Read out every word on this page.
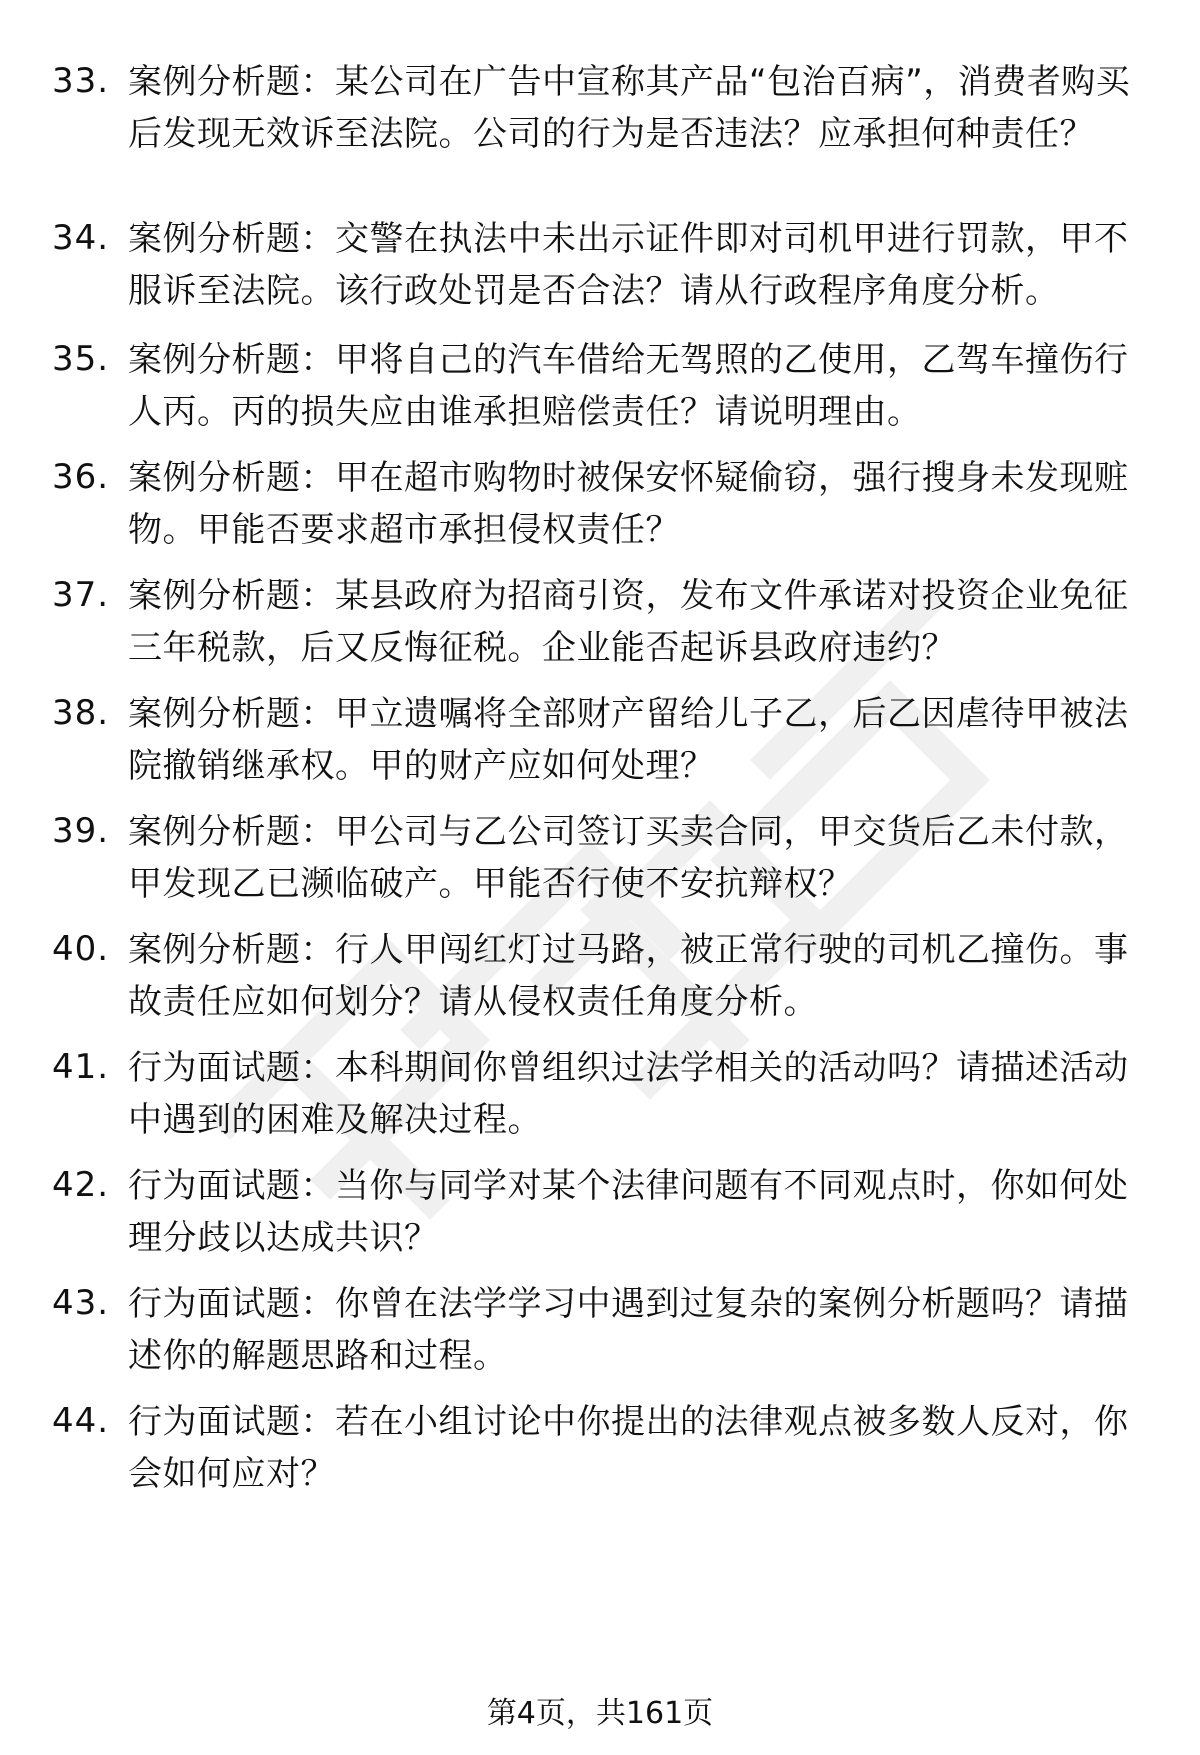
33. 案例分析题：某公司在广告中宣称其产品“包治百病”，消费者购买后发现无效诉至法院。公司的行为是否违法？应承担何种责任？
34. 案例分析题：交警在执法中未出示证件即对司机甲进行罚款，甲不服诉至法院。该行政处罚是否合法？请从行政程序角度分析。
35. 案例分析题：甲将自己的汽车借给无驾照的乙使用，乙驾车撞伤行人丙。丙的损失应由谁承担赔偿责任？请说明理由。
36. 案例分析题：甲在超市购物时被保安怀疑偷窃，强行搜身未发现赃物。甲能否要求超市承担侵权责任？
37. 案例分析题：某县政府为招商引资，发布文件承诺对投资企业免征三年税款，后又反悔征税。企业能否起诉县政府违约？
38. 案例分析题：甲立遗嘱将全部财产留给儿子乙，后乙因虐待甲被法院撤销继承权。甲的财产应如何处理？
39. 案例分析题：甲公司与乙公司签订买卖合同，甲交货后乙未付款，甲发现乙已濒临破产。甲能否行使不安抗辩权？
40. 案例分析题：行人甲闯红灯过马路，被正常行驶的司机乙撞伤。事故责任应如何划分？请从侵权责任角度分析。
41. 行为面试题：本科期间你曾组织过法学相关的活动吗？请描述活动中遇到的困难及解决过程。
42. 行为面试题：当你与同学对某个法律问题有不同观点时，你如何处理分歧以达成共识？
43. 行为面试题：你曾在法学学习中遇到过复杂的案例分析题吗？请描述你的解题思路和过程。
44. 行为面试题：若在小组讨论中你提出的法律观点被多数人反对，你会如何应对？
第4页，共161页
